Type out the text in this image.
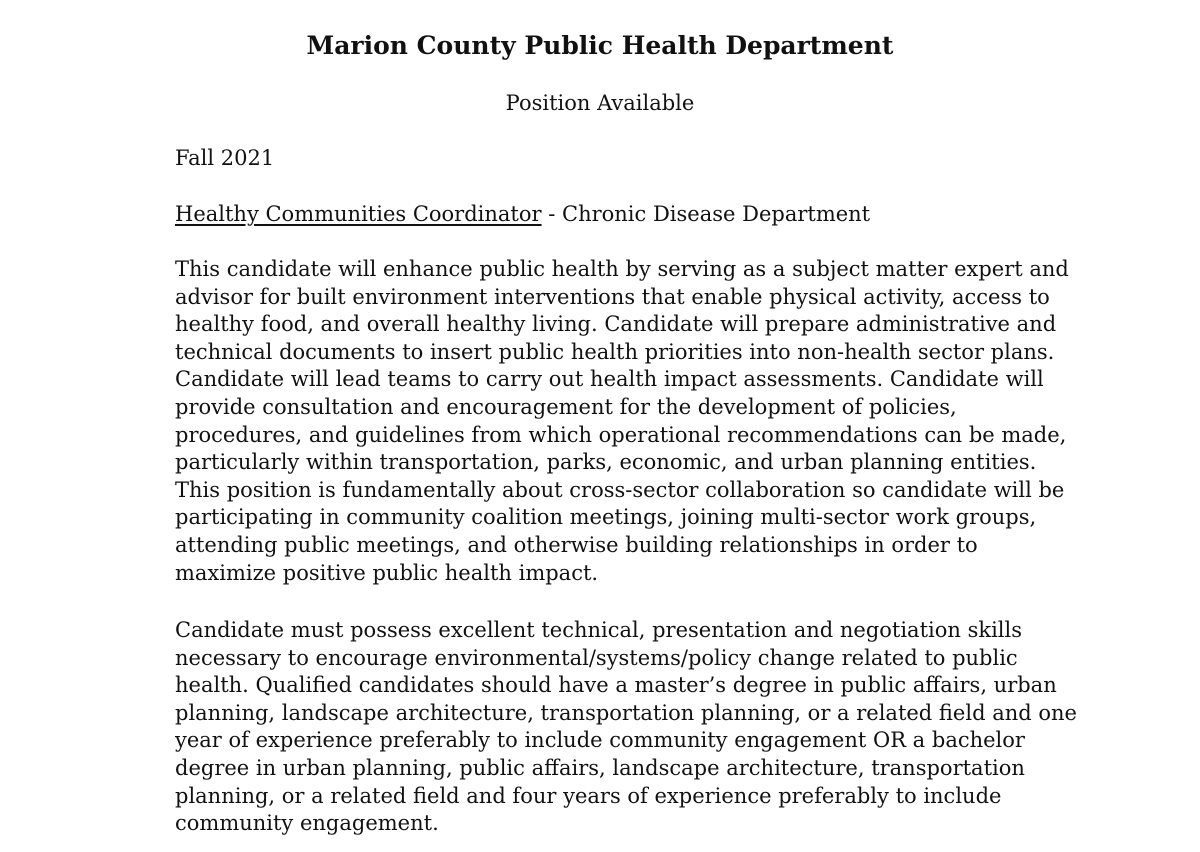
Marion County Public Health Department
Position Available
Fall 2021
Healthy Communities Coordinator - Chronic Disease Department
This candidate will enhance public health by serving as a subject matter expert and
advisor for built environment interventions that enable physical activity, access to
healthy food, and overall healthy living. Candidate will prepare administrative and
technical documents to insert public health priorities into non-health sector plans.
Candidate will lead teams to carry out health impact assessments. Candidate will
provide consultation and encouragement for the development of policies,
procedures, and guidelines from which operational recommendations can be made,
particularly within transportation, parks, economic, and urban planning entities.
This position is fundamentally about cross-sector collaboration so candidate will be
participating in community coalition meetings, joining multi-sector work groups,
attending public meetings, and otherwise building relationships in order to
maximize positive public health impact.
Candidate must possess excellent technical, presentation and negotiation skills
necessary to encourage environmental/systems/policy change related to public
health. Qualified candidates should have a master’s degree in public affairs, urban
planning, landscape architecture, transportation planning, or a related field and one
year of experience preferably to include community engagement OR a bachelor
degree in urban planning, public affairs, landscape architecture, transportation
planning, or a related field and four years of experience preferably to include
community engagement.
